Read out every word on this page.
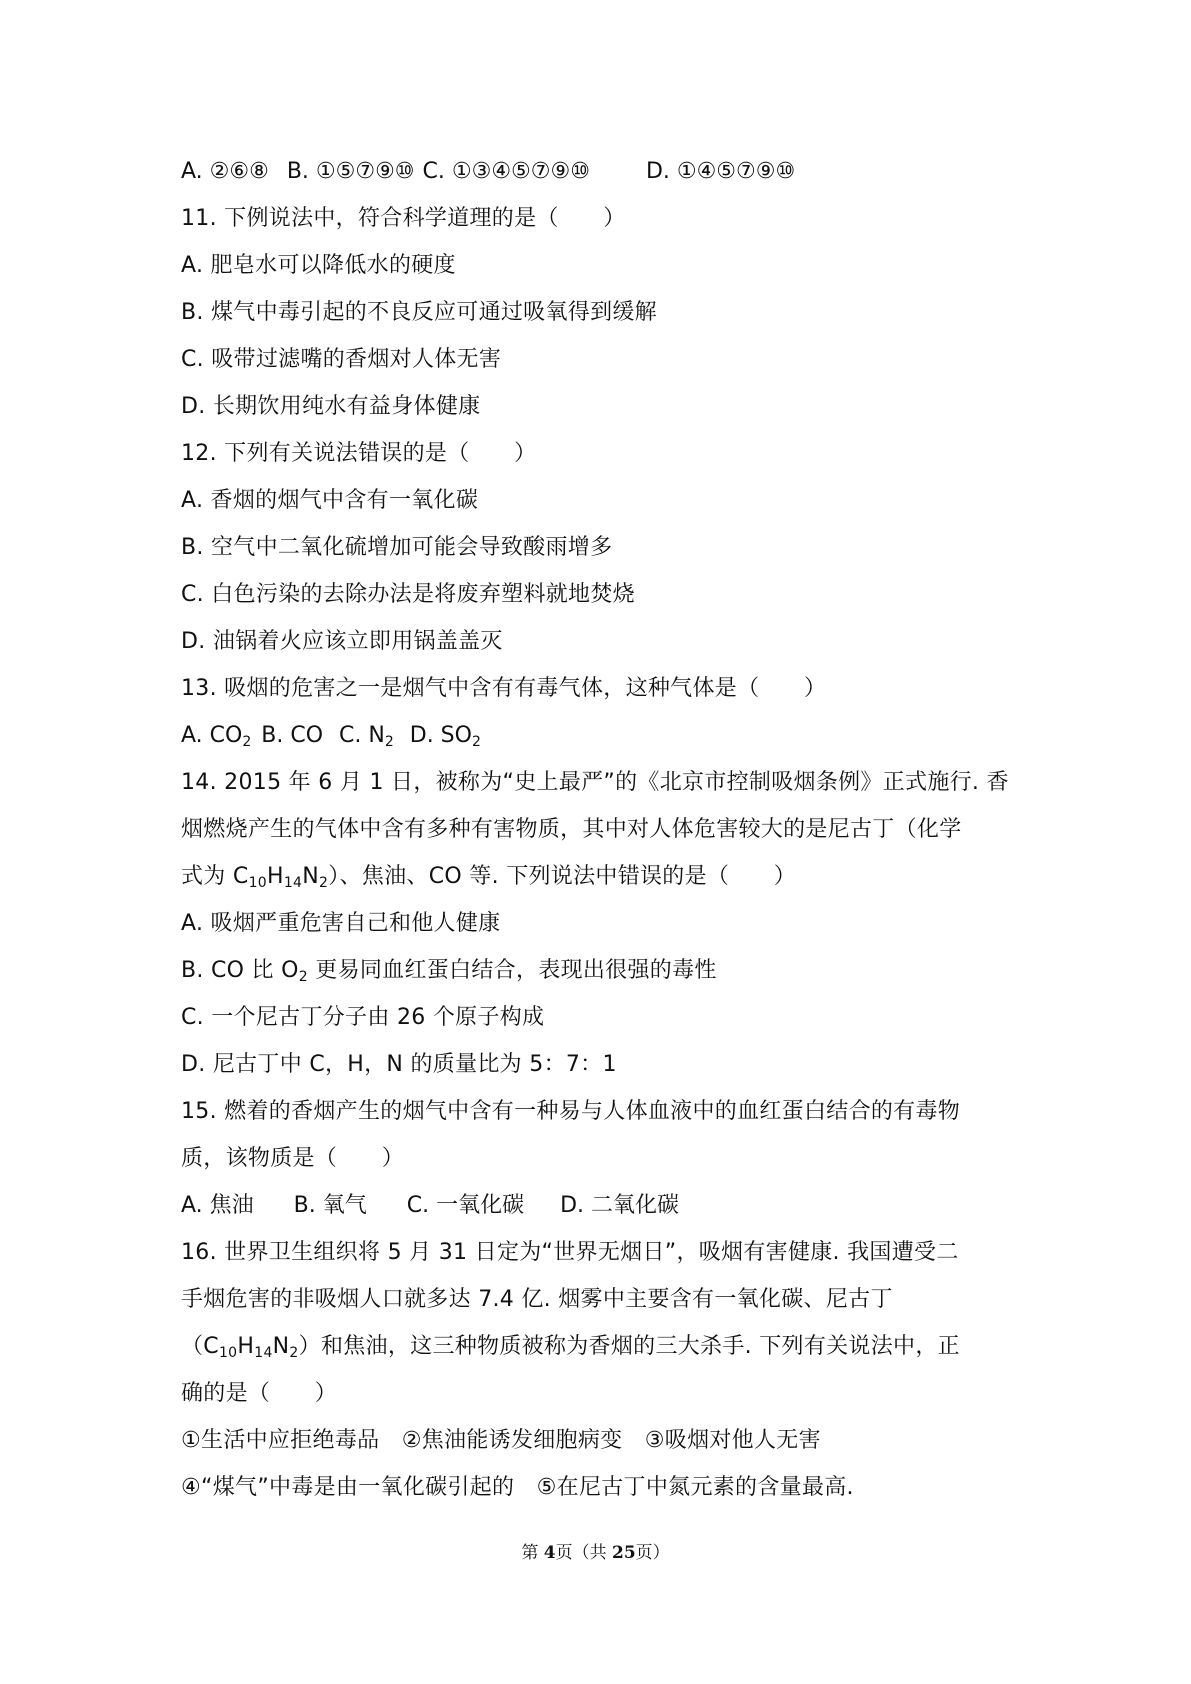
A. ②⑥⑧ B. ①⑤⑦⑨⑩ C. ①③④⑤⑦⑨⑩	D. ①④⑤⑦⑨⑩
11. 下例说法中，符合科学道理的是（　　）
A. 肥皂水可以降低水的硬度
B. 煤气中毒引起的不良反应可通过吸氧得到缓解
C. 吸带过滤嘴的香烟对人体无害
D. 长期饮用纯水有益身体健康
12. 下列有关说法错误的是（　　）
A. 香烟的烟气中含有一氧化碳
B. 空气中二氧化硫增加可能会导致酸雨增多
C. 白色污染的去除办法是将废弃塑料就地焚烧
D. 油锅着火应该立即用锅盖盖灭
13. 吸烟的危害之一是烟气中含有有毒气体，这种气体是（　　）
A. $CO_2$ B. CO C. $N_2$ D. $SO_2$
14. 2015 年 6 月 1 日，被称为“史上最严”的《北京市控制吸烟条例》正式施行. 香
烟燃烧产生的气体中含有多种有害物质，其中对人体危害较大的是尼古丁（化学
式为 $C_{10}H_{14}N_2$）、焦油、CO 等. 下列说法中错误的是（　　）
A. 吸烟严重危害自己和他人健康
B. CO 比 $O_2$ 更易同血红蛋白结合，表现出很强的毒性
C. 一个尼古丁分子由 26 个原子构成
D. 尼古丁中 C，H，N 的质量比为 5：7：1
15. 燃着的香烟产生的烟气中含有一种易与人体血液中的血红蛋白结合的有毒物
质，该物质是（　　）
A. 焦油 B. 氧气 C. 一氧化碳 D. 二氧化碳
16. 世界卫生组织将 5 月 31 日定为“世界无烟日”，吸烟有害健康. 我国遭受二
手烟危害的非吸烟人口就多达 7.4 亿. 烟雾中主要含有一氧化碳、尼古丁
$(C_{10}H_{14}N_2)$和焦油，这三种物质被称为香烟的三大杀手. 下列有关说法中，正
确的是（　　）
①生活中应拒绝毒品　②焦油能诱发细胞病变　③吸烟对他人无害
④“煤气”中毒是由一氧化碳引起的　⑤在尼古丁中氮元素的含量最高.
第 4页（共 25页）
